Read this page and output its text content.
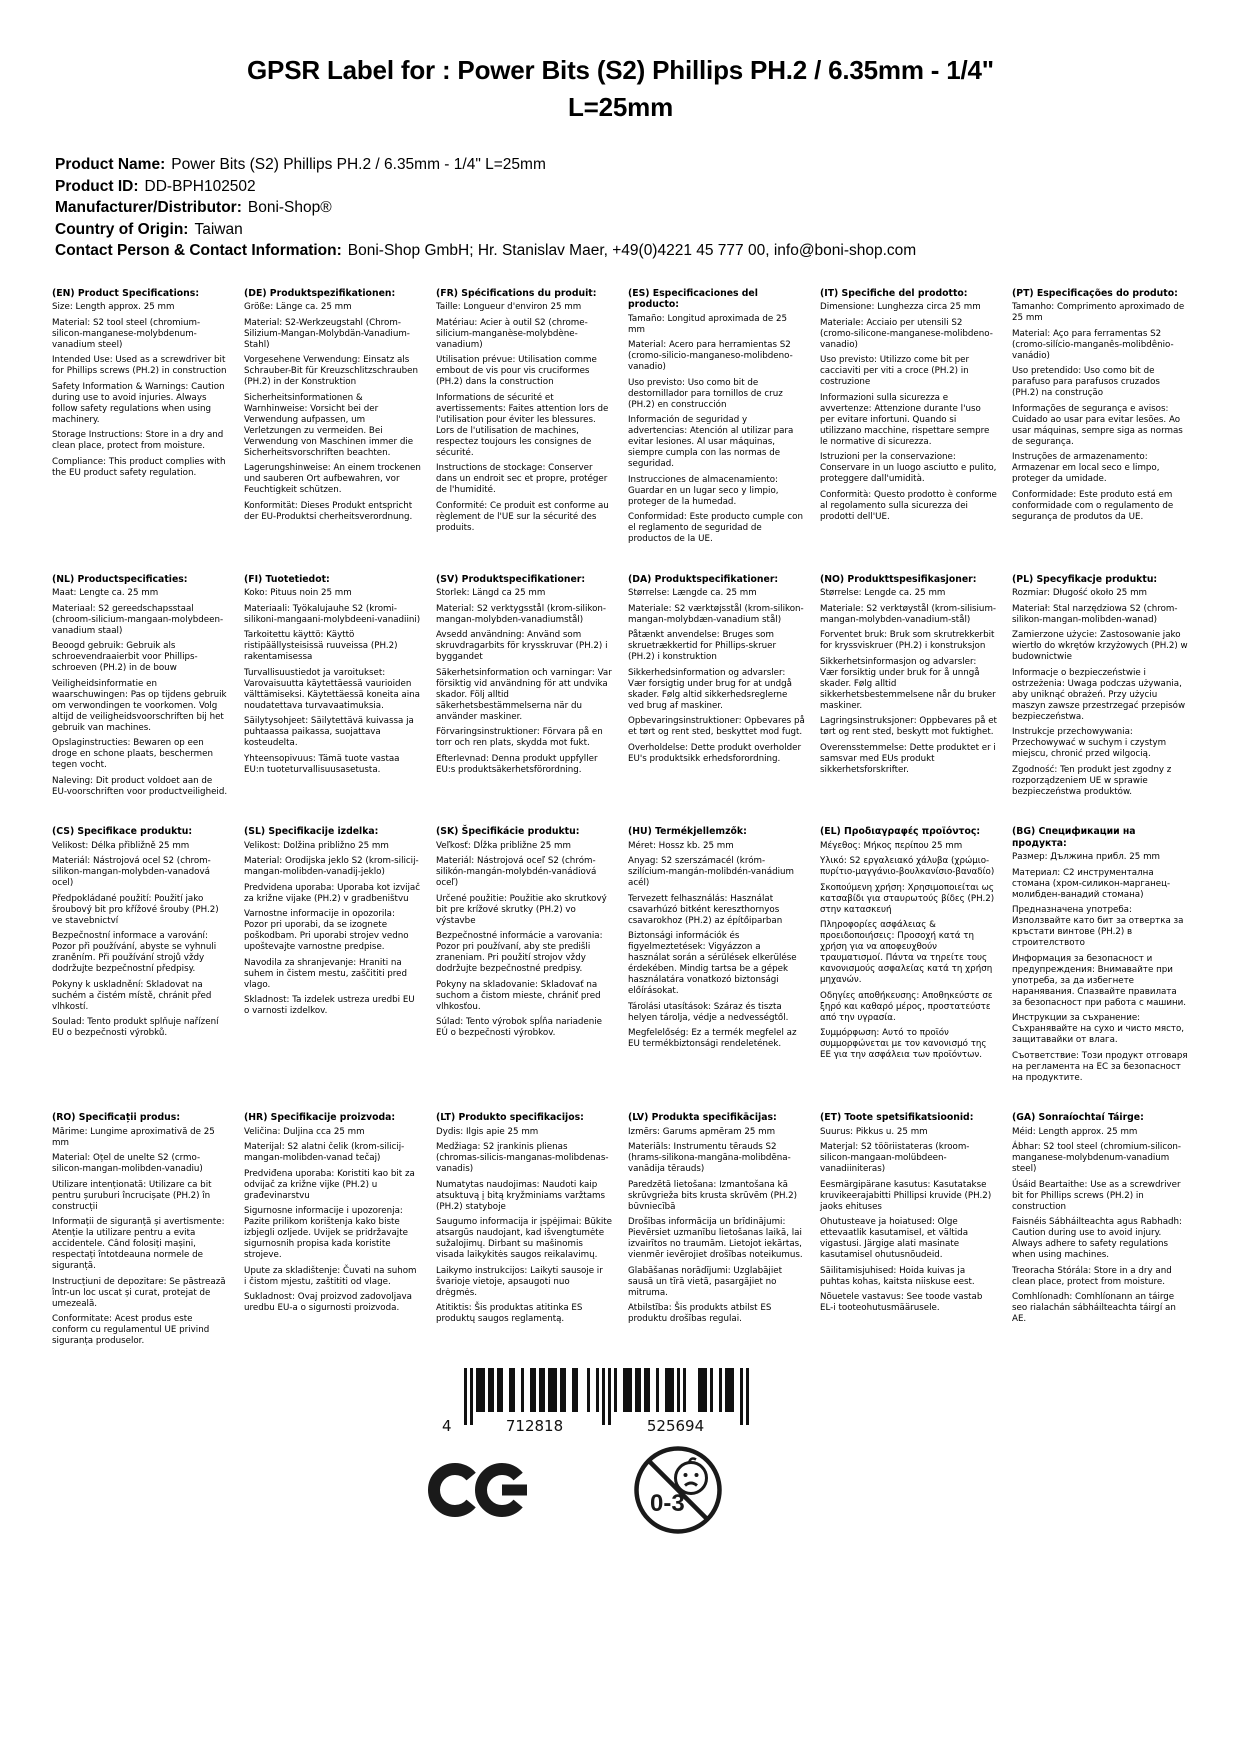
GPSR Label for : Power Bits (S2) Phillips PH.2 / 6.35mm - 1/4"
L=25mm
Product Name: Power Bits (S2) Phillips PH.2 / 6.35mm - 1/4" L=25mm
Product ID: DD-BPH102502
Manufacturer/Distributor: Boni-Shop®
Country of Origin: Taiwan
Contact Person & Contact Information: Boni-Shop GmbH; Hr. Stanislav Maer, +49(0)4221 45 777 00, info@boni-shop.com
(EN) Product Specifications:

Size: Length approx. 25 mm

Material: S2 tool steel (chromium-silicon-manganese-molybdenum-vanadium steel)

Intended Use: Used as a screwdriver bit for Phillips screws (PH.2) in construction

Safety Information & Warnings: Caution during use to avoid injuries. Always follow safety regulations when using machinery.

Storage Instructions: Store in a dry and clean place, protect from moisture.

Compliance: This product complies with the EU product safety regulation.

(DE) Produktspezifikationen:

Größe: Länge ca. 25 mm

Material: S2-Werkzeugstahl (Chrom-Silizium-Mangan-Molybdän-Vanadium-Stahl)

Vorgesehene Verwendung: Einsatz als Schrauber-Bit für Kreuzschlitzschrauben (PH.2) in der Konstruktion

Sicherheitsinformationen & Warnhinweise: Vorsicht bei der Verwendung aufpassen, um Verletzungen zu vermeiden. Bei Verwendung von Maschinen immer die Sicherheitsvorschriften beachten.

Lagerungshinweise: An einem trockenen und sauberen Ort aufbewahren, vor Feuchtigkeit schützen.

Konformität: Dieses Produkt entspricht der EU-Produktsi cherheitsverordnung.

(FR) Spécifications du produit:

Taille: Longueur d'environ 25 mm

Matériau: Acier à outil S2 (chrome-silicium-manganèse-molybdène-vanadium)

Utilisation prévue: Utilisation comme embout de vis pour vis cruciformes (PH.2) dans la construction

Informations de sécurité et avertissements: Faites attention lors de l'utilisation pour éviter les blessures. Lors de l'utilisation de machines, respectez toujours les consignes de sécurité.

Instructions de stockage: Conserver dans un endroit sec et propre, protéger de l'humidité.

Conformité: Ce produit est conforme au règlement de l'UE sur la sécurité des produits.

(ES) Especificaciones del producto:

Tamaño: Longitud aproximada de 25 mm

Material: Acero para herramientas S2 (cromo-silicio-manganeso-molibdeno-vanadio)

Uso previsto: Uso como bit de destornillador para tornillos de cruz (PH.2) en construcción

Información de seguridad y advertencias: Atención al utilizar para evitar lesiones. Al usar máquinas, siempre cumpla con las normas de seguridad.

Instrucciones de almacenamiento: Guardar en un lugar seco y limpio, proteger de la humedad.

Conformidad: Este producto cumple con el reglamento de seguridad de productos de la UE.

(IT) Specifiche del prodotto:

Dimensione: Lunghezza circa 25 mm

Materiale: Acciaio per utensili S2 (cromo-silicone-manganese-molibdeno-vanadio)

Uso previsto: Utilizzo come bit per cacciaviti per viti a croce (PH.2) in costruzione

Informazioni sulla sicurezza e avvertenze: Attenzione durante l'uso per evitare infortuni. Quando si utilizzano macchine, rispettare sempre le normative di sicurezza.

Istruzioni per la conservazione: Conservare in un luogo asciutto e pulito, proteggere dall'umidità.

Conformità: Questo prodotto è conforme al regolamento sulla sicurezza dei prodotti dell'UE.

(PT) Especificações do produto:

Tamanho: Comprimento aproximado de 25 mm

Material: Aço para ferramentas S2 (cromo-silício-manganês-molibdênio-vanádio)

Uso pretendido: Uso como bit de parafuso para parafusos cruzados (PH.2) na construção

Informações de segurança e avisos: Cuidado ao usar para evitar lesões. Ao usar máquinas, sempre siga as normas de segurança.

Instruções de armazenamento: Armazenar em local seco e limpo, proteger da umidade.

Conformidade: Este produto está em conformidade com o regulamento de segurança de produtos da UE.

(NL) Productspecificaties:

Maat: Lengte ca. 25 mm

Materiaal: S2 gereedschapsstaal (chroom-silicium-mangaan-molybdeen-vanadium staal)

Beoogd gebruik: Gebruik als schroevendraaierbit voor Phillips-schroeven (PH.2) in de bouw

Veiligheidsinformatie en waarschuwingen: Pas op tijdens gebruik om verwondingen te voorkomen. Volg altijd de veiligheidsvoorschriften bij het gebruik van machines.

Opslaginstructies: Bewaren op een droge en schone plaats, beschermen tegen vocht.

Naleving: Dit product voldoet aan de EU-voorschriften voor productveiligheid.

(FI) Tuotetiedot:

Koko: Pituus noin 25 mm

Materiaali: Työkalujauhe S2 (kromi-silikoni-mangaani-molybdeeni-vanadiini)

Tarkoitettu käyttö: Käyttö ristipäällysteisissä ruuveissa (PH.2) rakentamisessa

Turvallisuustiedot ja varoitukset: Varovaisuutta käytettäessä vaurioiden välttämiseksi. Käytettäessä koneita aina noudatettava turvavaatimuksia.

Säilytysohjeet: Säilytettävä kuivassa ja puhtaassa paikassa, suojattava kosteudelta.

Yhteensopivuus: Tämä tuote vastaa EU:n tuoteturvallisuusasetusta.

(SV) Produktspecifikationer:

Storlek: Längd ca 25 mm

Material: S2 verktygsstål (krom-silikon-mangan-molybden-vanadiumstål)

Avsedd användning: Använd som skruvdragarbits för krysskruvar (PH.2) i byggandet

Säkerhetsinformation och varningar: Var försiktig vid användning för att undvika skador. Följ alltid säkerhetsbestämmelserna när du använder maskiner.

Förvaringsinstruktioner: Förvara på en torr och ren plats, skydda mot fukt.

Efterlevnad: Denna produkt uppfyller EU:s produktsäkerhetsförordning.

(DA) Produktspecifikationer:

Størrelse: Længde ca. 25 mm

Materiale: S2 værktøjsstål (krom-silikon-mangan-molybdæn-vanadium stål)

Påtænkt anvendelse: Bruges som skruetrækkertid for Phillips-skruer (PH.2) i konstruktion

Sikkerhedsinformation og advarsler: Vær forsigtig under brug for at undgå skader. Følg altid sikkerhedsreglerne ved brug af maskiner.

Opbevaringsinstruktioner: Opbevares på et tørt og rent sted, beskyttet mod fugt.

Overholdelse: Dette produkt overholder EU's produktsikk erhedsforordning.

(NO) Produkttspesifikasjoner:

Størrelse: Lengde ca. 25 mm

Materiale: S2 verktøystål (krom-silisium-mangan-molybden-vanadium-stål)

Forventet bruk: Bruk som skrutrekkerbit for kryssviskruer (PH.2) i konstruksjon

Sikkerhetsinformasjon og advarsler: Vær forsiktig under bruk for å unngå skader. Følg alltid sikkerhetsbestemmelsene når du bruker maskiner.

Lagringsinstruksjoner: Oppbevares på et tørt og rent sted, beskytt mot fuktighet.

Overensstemmelse: Dette produktet er i samsvar med EUs produkt sikkerhetsforskrifter.

(PL) Specyfikacje produktu:

Rozmiar: Długość około 25 mm

Materiał: Stal narzędziowa S2 (chrom-silikon-mangan-molibden-wanad)

Zamierzone użycie: Zastosowanie jako wiertło do wkrętów krzyżowych (PH.2) w budownictwie

Informacje o bezpieczeństwie i ostrzeżenia: Uwaga podczas używania, aby uniknąć obrażeń. Przy użyciu maszyn zawsze przestrzegać przepisów bezpieczeństwa.

Instrukcje przechowywania: Przechowywać w suchym i czystym miejscu, chronić przed wilgocią.

Zgodność: Ten produkt jest zgodny z rozporządzeniem UE w sprawie bezpieczeństwa produktów.

(CS) Specifikace produktu:

Velikost: Délka přibližně 25 mm

Materiál: Nástrojová ocel S2 (chrom-silikon-mangan-molybden-vanadová ocel)

Předpokládané použití: Použití jako šroubový bit pro křížové šrouby (PH.2) ve stavebnictví

Bezpečnostní informace a varování: Pozor při používání, abyste se vyhnuli zraněním. Při používání strojů vždy dodržujte bezpečnostní předpisy.

Pokyny k uskladnění: Skladovat na suchém a čistém místě, chránit před vlhkostí.

Soulad: Tento produkt splňuje nařízení EU o bezpečnosti výrobků.

(SL) Specifikacije izdelka:

Velikost: Dolžina približno 25 mm

Material: Orodijska jeklo S2 (krom-silicij-mangan-molibden-vanadij-jeklo)

Predvidena uporaba: Uporaba kot izvijač za križne vijake (PH.2) v gradbeništvu

Varnostne informacije in opozorila: Pozor pri uporabi, da se izognete poškodbam. Pri uporabi strojev vedno upoštevajte varnostne predpise.

Navodila za shranjevanje: Hraniti na suhem in čistem mestu, zaščititi pred vlago.

Skladnost: Ta izdelek ustreza uredbi EU o varnosti izdelkov.

(SK) Špecifikácie produktu:

Veľkosť: Dĺžka približne 25 mm

Materiál: Nástrojová oceľ S2 (chróm-silikón-mangán-molybdén-vanádiová oceľ)

Určené použitie: Použitie ako skrutkový bit pre krížové skrutky (PH.2) vo výstavbe

Bezpečnostné informácie a varovania: Pozor pri používaní, aby ste predišli zraneniam. Pri použití strojov vždy dodržujte bezpečnostné predpisy.

Pokyny na skladovanie: Skladovať na suchom a čistom mieste, chrániť pred vlhkosťou.

Súlad: Tento výrobok spĺňa nariadenie EÚ o bezpečnosti výrobkov.

(HU) Termékjellemzők:

Méret: Hossz kb. 25 mm

Anyag: S2 szerszámacél (króm-szilícium-mangán-molibdén-vanádium acél)

Tervezett felhasználás: Használat csavarhúzó bitként kereszthornyos csavarokhoz (PH.2) az építőiparban

Biztonsági információk és figyelmeztetések: Vigyázzon a használat során a sérülések elkerülése érdekében. Mindig tartsa be a gépek használatára vonatkozó biztonsági előírásokat.

Tárolási utasítások: Száraz és tiszta helyen tárolja, védje a nedvességtől.

Megfelelőség: Ez a termék megfelel az EU termékbiztonsági rendeletének.

(EL) Προδιαγραφές προϊόντος:

Μέγεθος: Μήκος περίπου 25 mm

Υλικό: S2 εργαλειακό χάλυβα (χρώμιο-πυρίτιο-μαγγάνιο-βουλκανίσιο-βαναδίο)

Σκοπούμενη χρήση: Χρησιμοποιείται ως κατσαβίδι για σταυρωτούς βίδες (PH.2) στην κατασκευή

Πληροφορίες ασφάλειας & προειδοποιήσεις: Προσοχή κατά τη χρήση για να αποφευχθούν τραυματισμοί. Πάντα να τηρείτε τους κανονισμούς ασφαλείας κατά τη χρήση μηχανών.

Οδηγίες αποθήκευσης: Αποθηκεύστε σε ξηρό και καθαρό μέρος, προστατεύστε από την υγρασία.

Συμμόρφωση: Αυτό το προϊόν συμμορφώνεται με τον κανονισμό της ΕΕ για την ασφάλεια των προϊόντων.

(BG) Спецификации на продукта:

Размер: Дължина прибл. 25 mm

Материал: C2 инструментална стомана (хром-силикон-марганец-молибден-ванадий стомана)

Предназначена употреба: Използвайте като бит за отвертка за кръстати винтове (PH.2) в строителството

Информация за безопасност и предупреждения: Внимавайте при употреба, за да избегнете наранявания. Спазвайте правилата за безопасност при работа с машини.

Инструкции за съхранение: Съхранявайте на сухо и чисто място, защитавайки от влага.

Съответствие: Този продукт отговаря на регламента на ЕС за безопасност на продуктите.

(RO) Specificații produs:

Mărime: Lungime aproximativă de 25 mm

Material: Oțel de unelte S2 (crmo-silicon-mangan-molibden-vanadiu)

Utilizare intenționată: Utilizare ca bit pentru șuruburi încrucișate (PH.2) în construcții

Informații de siguranță și avertismente: Atenție la utilizare pentru a evita accidentele. Când folosiți mașini, respectați întotdeauna normele de siguranță.

Instrucțiuni de depozitare: Se păstrează într-un loc uscat și curat, protejat de umezeală.

Conformitate: Acest produs este conform cu regulamentul UE privind siguranța produselor.

(HR) Specifikacije proizvoda:

Veličina: Duljina cca 25 mm

Materijal: S2 alatni čelik (krom-silicij-mangan-molibden-vanad tečaj)

Predviđena uporaba: Koristiti kao bit za odvijač za križne vijke (PH.2) u građevinarstvu

Sigurnosne informacije i upozorenja: Pazite prilikom korištenja kako biste izbjegli ozljede. Uvijek se pridržavajte sigurnosnih propisa kada koristite strojeve.

Upute za skladištenje: Čuvati na suhom i čistom mjestu, zaštititi od vlage.

Sukladnost: Ovaj proizvod zadovoljava uredbu EU-a o sigurnosti proizvoda.

(LT) Produkto specifikacijos:

Dydis: Ilgis apie 25 mm

Medžiaga: S2 įrankinis plienas (chromas-silicis-manganas-molibdenas-vanadis)

Numatytas naudojimas: Naudoti kaip atsuktuvą į bitą kryžminiams varžtams (PH.2) statyboje

Saugumo informacija ir įspėjimai: Būkite atsargūs naudojant, kad išvengtumėte sužalojimų. Dirbant su mašinomis visada laikykitės saugos reikalavimų.

Laikymo instrukcijos: Laikyti sausoje ir švarioje vietoje, apsaugoti nuo drėgmės.

Atitiktis: Šis produktas atitinka ES produktų saugos reglamentą.

(LV) Produkta specifikācijas:

Izmērs: Garums apmēram 25 mm

Materiāls: Instrumentu tērauds S2 (hrams-silikona-mangāna-molibdēna-vanādija tērauds)

Paredzētā lietošana: Izmantošana kā skrūvgrieža bits krusta skrūvēm (PH.2) būvniecībā

Drošības informācija un brīdinājumi: Pievērsiet uzmanību lietošanas laikā, lai izvairītos no traumām. Lietojot iekārtas, vienmēr ievērojiet drošības noteikumus.

Glabāšanas norādījumi: Uzglabājiet sausā un tīrā vietā, pasargājiet no mitruma.

Atbilstība: Šis produkts atbilst ES produktu drošības regulai.

(ET) Toote spetsifikatsioonid:

Suurus: Pikkus u. 25 mm

Materjal: S2 tööriistateras (kroom-silicon-mangaan-molübdeen-vanadiiniteras)

Eesmärgipärane kasutus: Kasutatakse kruvikeerajabitti Phillipsi kruvide (PH.2) jaoks ehituses

Ohutusteave ja hoiatused: Olge ettevaatlik kasutamisel, et vältida vigastusi. Järgige alati masinate kasutamisel ohutusnõudeid.

Säilitamisjuhised: Hoida kuivas ja puhtas kohas, kaitsta niiskuse eest.

Nõuetele vastavus: See toode vastab EL-i tooteohutusmäärusele.

(GA) Sonraíochtaí Táirge:

Méid: Length approx. 25 mm

Ábhar: S2 tool steel (chromium-silicon-manganese-molybdenum-vanadium steel)

Úsáid Beartaithe: Use as a screwdriver bit for Phillips screws (PH.2) in construction

Faisnéis Sábháilteachta agus Rabhadh: Caution during use to avoid injury. Always adhere to safety regulations when using machines.

Treoracha Stórála: Store in a dry and clean place, protect from moisture.

Comhlíonadh: Comhlíonann an táirge seo rialachán sábháilteachta táirgí an AE.

4	712818	525694
0-3
